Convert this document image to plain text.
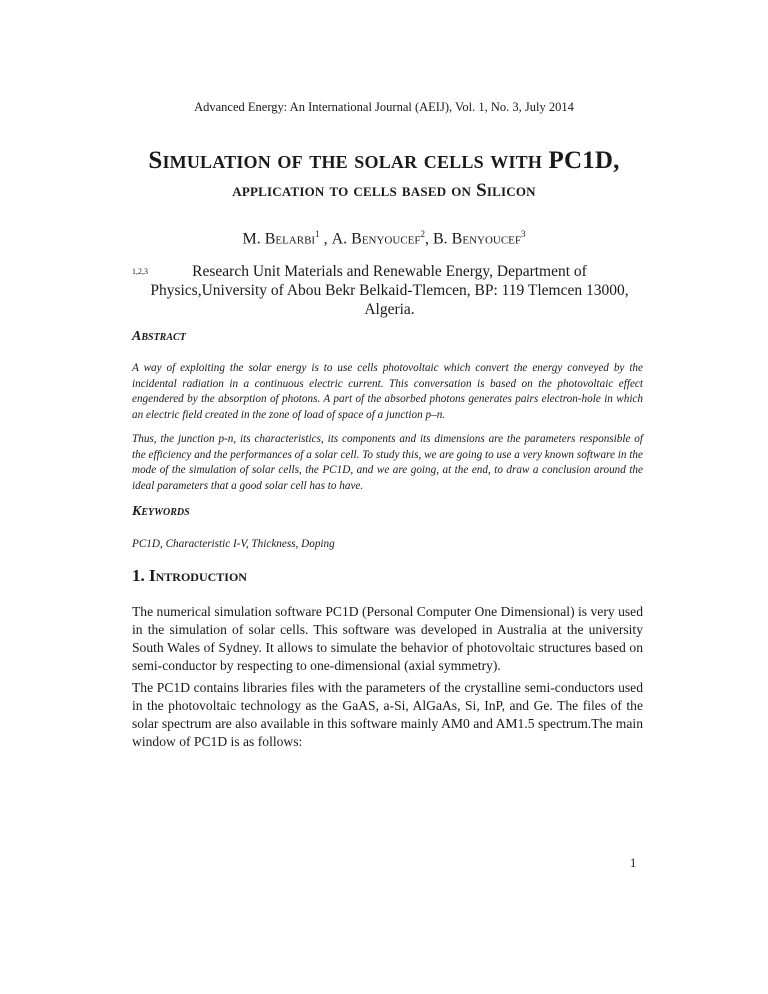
Advanced Energy: An International Journal (AEIJ), Vol. 1, No. 3, July 2014
Simulation of the solar cells with PC1D,
application to cells based on Silicon
M. Belarbi$^1$ , A. Benyoucef$^2$, B. Benyoucef$^3$
1,2,3	Research Unit Materials and Renewable Energy, Department of Physics,University of Abou Bekr Belkaid-Tlemcen, BP: 119 Tlemcen 13000, Algeria.
Abstract
A way of exploiting the solar energy is to use cells photovoltaic which convert the energy conveyed by the incidental radiation in a continuous electric current. This conversation is based on the photovoltaic effect engendered by the absorption of photons. A part of the absorbed photons generates pairs electron-hole in which an electric field created in the zone of load of space of a junction p–n.
Thus, the junction p-n, its characteristics, its components and its dimensions are the parameters responsible of the efficiency and the performances of a solar cell. To study this, we are going to use a very known software in the mode of the simulation of solar cells, the PC1D, and we are going, at the end, to draw a conclusion around the ideal parameters that a good solar cell has to have.
Keywords
PC1D, Characteristic I-V, Thickness, Doping
1. Introduction
The numerical simulation software PC1D (Personal Computer One Dimensional) is very used in the simulation of solar cells. This software was developed in Australia at the university South Wales of Sydney. It allows to simulate the behavior of photovoltaic structures based on semi-conductor by respecting to one-dimensional (axial symmetry).
The PC1D contains libraries files with the parameters of the crystalline semi-conductors used in the photovoltaic technology as the GaAS, a-Si, AlGaAs, Si, InP, and Ge. The files of the solar spectrum are also available in this software mainly AM0 and AM1.5 spectrum.The main window of PC1D is as follows:
1
